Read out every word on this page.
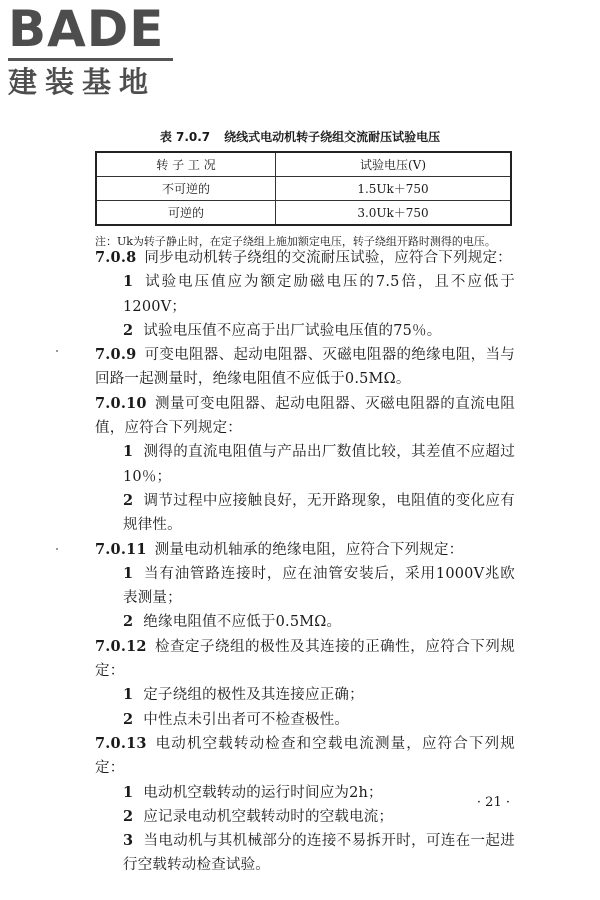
BADE
建装基地
表 7.0.7 绕线式电动机转子绕组交流耐压试验电压
转 子 工 况	试验电压(V)
不可逆的	1.5Uk＋750
可逆的	3.0Uk＋750
注：Uk为转子静止时，在定子绕组上施加额定电压，转子绕组开路时测得的电压。

7.0.8 同步电动机转子绕组的交流耐压试验，应符合下列规定：

1 试验电压值应为额定励磁电压的7.5倍，且不应低于1200V；

2 试验电压值不应高于出厂试验电压值的75％。

7.0.9 可变电阻器、起动电阻器、灭磁电阻器的绝缘电阻，当与回路一起测量时，绝缘电阻值不应低于0.5MΩ。

7.0.10 测量可变电阻器、起动电阻器、灭磁电阻器的直流电阻值，应符合下列规定：

1 测得的直流电阻值与产品出厂数值比较，其差值不应超过10％；

2 调节过程中应接触良好，无开路现象，电阻值的变化应有规律性。

7.0.11 测量电动机轴承的绝缘电阻，应符合下列规定：

1 当有油管路连接时，应在油管安装后，采用1000V兆欧表测量；

2 绝缘电阻值不应低于0.5MΩ。

7.0.12 检查定子绕组的极性及其连接的正确性，应符合下列规定：

1 定子绕组的极性及其连接应正确；

2 中性点未引出者可不检查极性。

7.0.13 电动机空载转动检查和空载电流测量，应符合下列规定：

1 电动机空载转动的运行时间应为2h；

2 应记录电动机空载转动时的空载电流；

3 当电动机与其机械部分的连接不易拆开时，可连在一起进行空载转动检查试验。

· 21 ·
